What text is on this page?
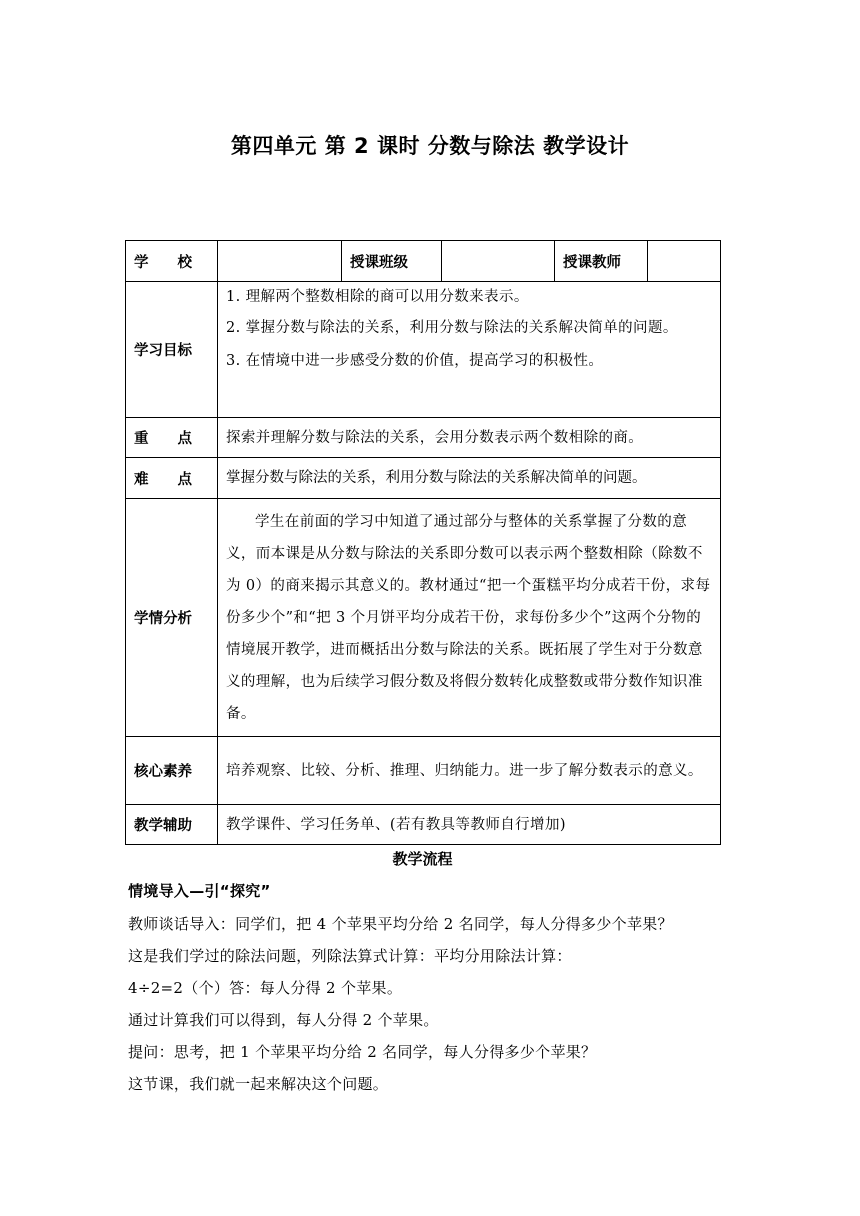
第四单元 第 2 课时 分数与除法 教学设计
学　　校		授课班级		授课教师	
学习目标	1. 理解两个整数相除的商可以用分数来表示。
2. 掌握分数与除法的关系，利用分数与除法的关系解决简单的问题。
3. 在情境中进一步感受分数的价值，提高学习的积极性。				

重　　点	探索并理解分数与除法的关系，会用分数表示两个数相除的商。				
难　　点	掌握分数与除法的关系，利用分数与除法的关系解决简单的问题。				
学情分析	学生在前面的学习中知道了通过部分与整体的关系掌握了分数的意义，而本课是从分数与除法的关系即分数可以表示两个整数相除（除数不为 0）的商来揭示其意义的。教材通过“把一个蛋糕平均分成若干份，求每份多少个”和“把 3 个月饼平均分成若干份，求每份多少个”这两个分物的情境展开教学，进而概括出分数与除法的关系。既拓展了学生对于分数意义的理解，也为后续学习假分数及将假分数转化成整数或带分数作知识准备。				
核心素养	培养观察、比较、分析、推理、归纳能力。进一步了解分数表示的意义。				
教学辅助	教学课件、学习任务单、(若有教具等教师自行增加)				
教学流程
情境导入—引“探究”
教师谈话导入：同学们，把 4 个苹果平均分给 2 名同学，每人分得多少个苹果？
这是我们学过的除法问题，列除法算式计算：平均分用除法计算：
4÷2=2（个）答：每人分得 2 个苹果。
通过计算我们可以得到，每人分得 2 个苹果。
提问：思考，把 1 个苹果平均分给 2 名同学，每人分得多少个苹果？
这节课，我们就一起来解决这个问题。
